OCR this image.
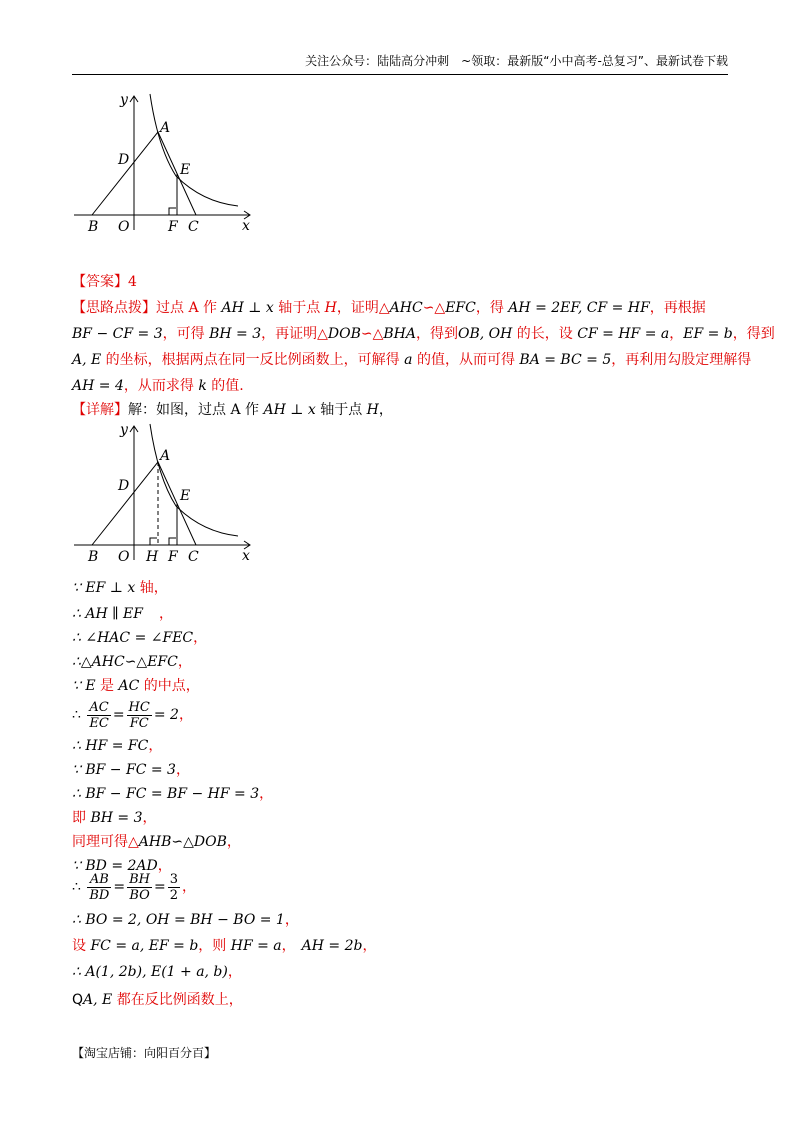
关注公众号：陆陆高分冲刺　~领取：最新版“小中高考-总复习”、最新试卷下载
y
x
A
D
E
B O	F C
【答案】4
【思路点拨】过点 A 作 AH ⊥ x 轴于点 H，证明△AHC∽△EFC，得 AH = 2EF, CF = HF，再根据
BF − CF = 3，可得 BH = 3，再证明△DOB∽△BHA，得到OB, OH 的长，设 CF = HF = a，EF = b，得到
A, E 的坐标，根据两点在同一反比例函数上，可解得 a 的值，从而可得 BA = BC = 5，再利用勾股定理解得
AH = 4，从而求得 k 的值.
【详解】解：如图，过点 A 作 AH ⊥ x 轴于点 H，
y
x
A
D
E
B O H F C
∵ EF ⊥ x 轴，
∴ AH ∥ EF ，
∴ ∠HAC = ∠FEC，
∴△AHC∽△EFC，
∵ E 是 AC 的中点，
∴ $\frac{AC}{EC} = \frac{HC}{FC} = 2$，
∴ HF = FC，
∵ BF − FC = 3，
∴ BF − FC = BF − HF = 3，
即 BH = 3，
同理可得△AHB∽△DOB，
∵ BD = 2AD，
∴ $\frac{AB}{BD} = \frac{BH}{BO} = \frac{3}{2}$ ，
∴ BO = 2, OH = BH − BO = 1，
设 FC = a, EF = b，则 HF = a， AH = 2b，
∴ A(1, 2b), E(1 + a, b)，
QA, E 都在反比例函数上，
【淘宝店铺：向阳百分百】
